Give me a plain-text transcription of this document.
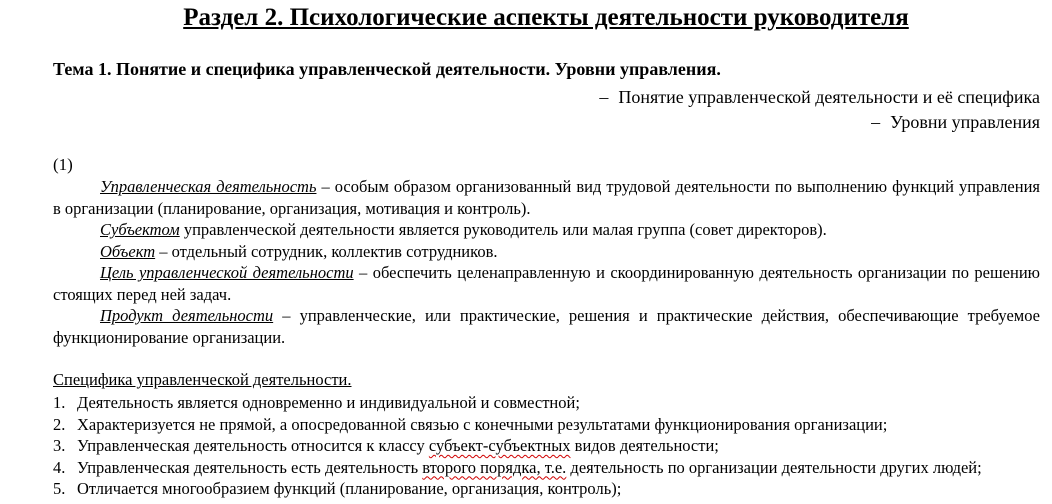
Раздел 2. Психологические аспекты деятельности руководителя
Тема 1. Понятие и специфика управленческой деятельности. Уровни управления.
– Понятие управленческой деятельности и её специфика
– Уровни управления
(1)

Управленческая деятельность – особым образом организованный вид трудовой деятельности по выполнению функций управления в организации (планирование, организация, мотивация и контроль).

Субъектом управленческой деятельности является руководитель или малая группа (совет директоров).

Объект – отдельный сотрудник, коллектив сотрудников.

Цель управленческой деятельности – обеспечить целенаправленную и скоординированную деятельность организации по решению стоящих перед ней задач.

Продукт деятельности – управленческие, или практические, решения и практические действия, обеспечивающие требуемое функционирование организации.

Специфика управленческой деятельности.
1. Деятельность является одновременно и индивидуальной и совместной;
2. Характеризуется не прямой, а опосредованной связью с конечными результатами функционирования организации;
3. Управленческая деятельность относится к классу субъект-субъектных видов деятельности;
4. Управленческая деятельность есть деятельность второго порядка, т.е. деятельность по организации деятельности других людей;
5. Отличается многообразием функций (планирование, организация, контроль);
